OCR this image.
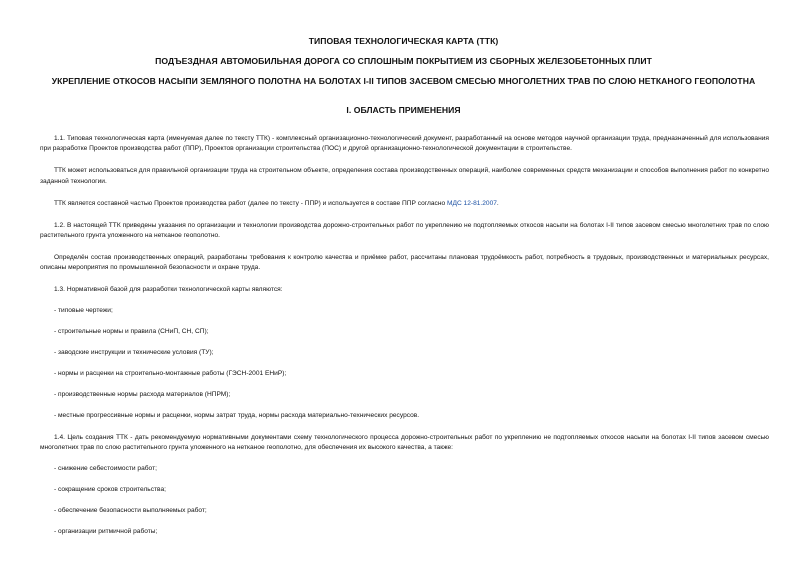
ТИПОВАЯ ТЕХНОЛОГИЧЕСКАЯ КАРТА (ТТК)
ПОДЪЕЗДНАЯ АВТОМОБИЛЬНАЯ ДОРОГА СО СПЛОШНЫМ ПОКРЫТИЕМ ИЗ СБОРНЫХ ЖЕЛЕЗОБЕТОННЫХ ПЛИТ
УКРЕПЛЕНИЕ ОТКОСОВ НАСЫПИ ЗЕМЛЯНОГО ПОЛОТНА НА БОЛОТАХ I-II ТИПОВ ЗАСЕВОМ СМЕСЬЮ МНОГОЛЕТНИХ ТРАВ ПО СЛОЮ НЕТКАНОГО ГЕОПОЛОТНА
I. ОБЛАСТЬ ПРИМЕНЕНИЯ

1.1. Типовая технологическая карта (именуемая далее по тексту ТТК) - комплексный организационно-технологический документ, разработанный на основе методов научной организации труда, предназначенный для использования при разработке Проектов производства работ (ППР), Проектов организации строительства (ПОС) и другой организационно-технологической документации в строительстве.

ТТК может использоваться для правильной организации труда на строительном объекте, определения состава производственных операций, наиболее современных средств механизации и способов выполнения работ по конкретно заданной технологии.

ТТК является составной частью Проектов производства работ (далее по тексту - ППР) и используется в составе ППР согласно МДС 12-81.2007.

1.2. В настоящей ТТК приведены указания по организации и технологии производства дорожно-строительных работ по укреплению не подтопляемых откосов насыпи на болотах I-II типов засевом смесью многолетних трав по слою растительного грунта уложенного на нетканое геополотно.

Определён состав производственных операций, разработаны требования к контролю качества и приёмке работ, рассчитаны плановая трудоёмкость работ, потребность в трудовых, производственных и материальных ресурсах, описаны мероприятия по промышленной безопасности и охране труда.

1.3. Нормативной базой для разработки технологической карты являются:

- типовые чертежи;

- строительные нормы и правила (СНиП, СН, СП);

- заводские инструкции и технические условия (ТУ);

- нормы и расценки на строительно-монтажные работы (ГЭСН-2001 ЕНиР);

- производственные нормы расхода материалов (НПРМ);

- местные прогрессивные нормы и расценки, нормы затрат труда, нормы расхода материально-технических ресурсов.

1.4. Цель создания ТТК - дать рекомендуемую нормативными документами схему технологического процесса дорожно-строительных работ по укреплению не подтопляемых откосов насыпи на болотах I-II типов засевом смесью многолетних трав по слою растительного грунта уложенного на нетканое геополотно, для обеспечения их высокого качества, а также:

- снижение себестоимости работ;

- сокращение сроков строительства;

- обеспечение безопасности выполняемых работ;

- организации ритмичной работы;
